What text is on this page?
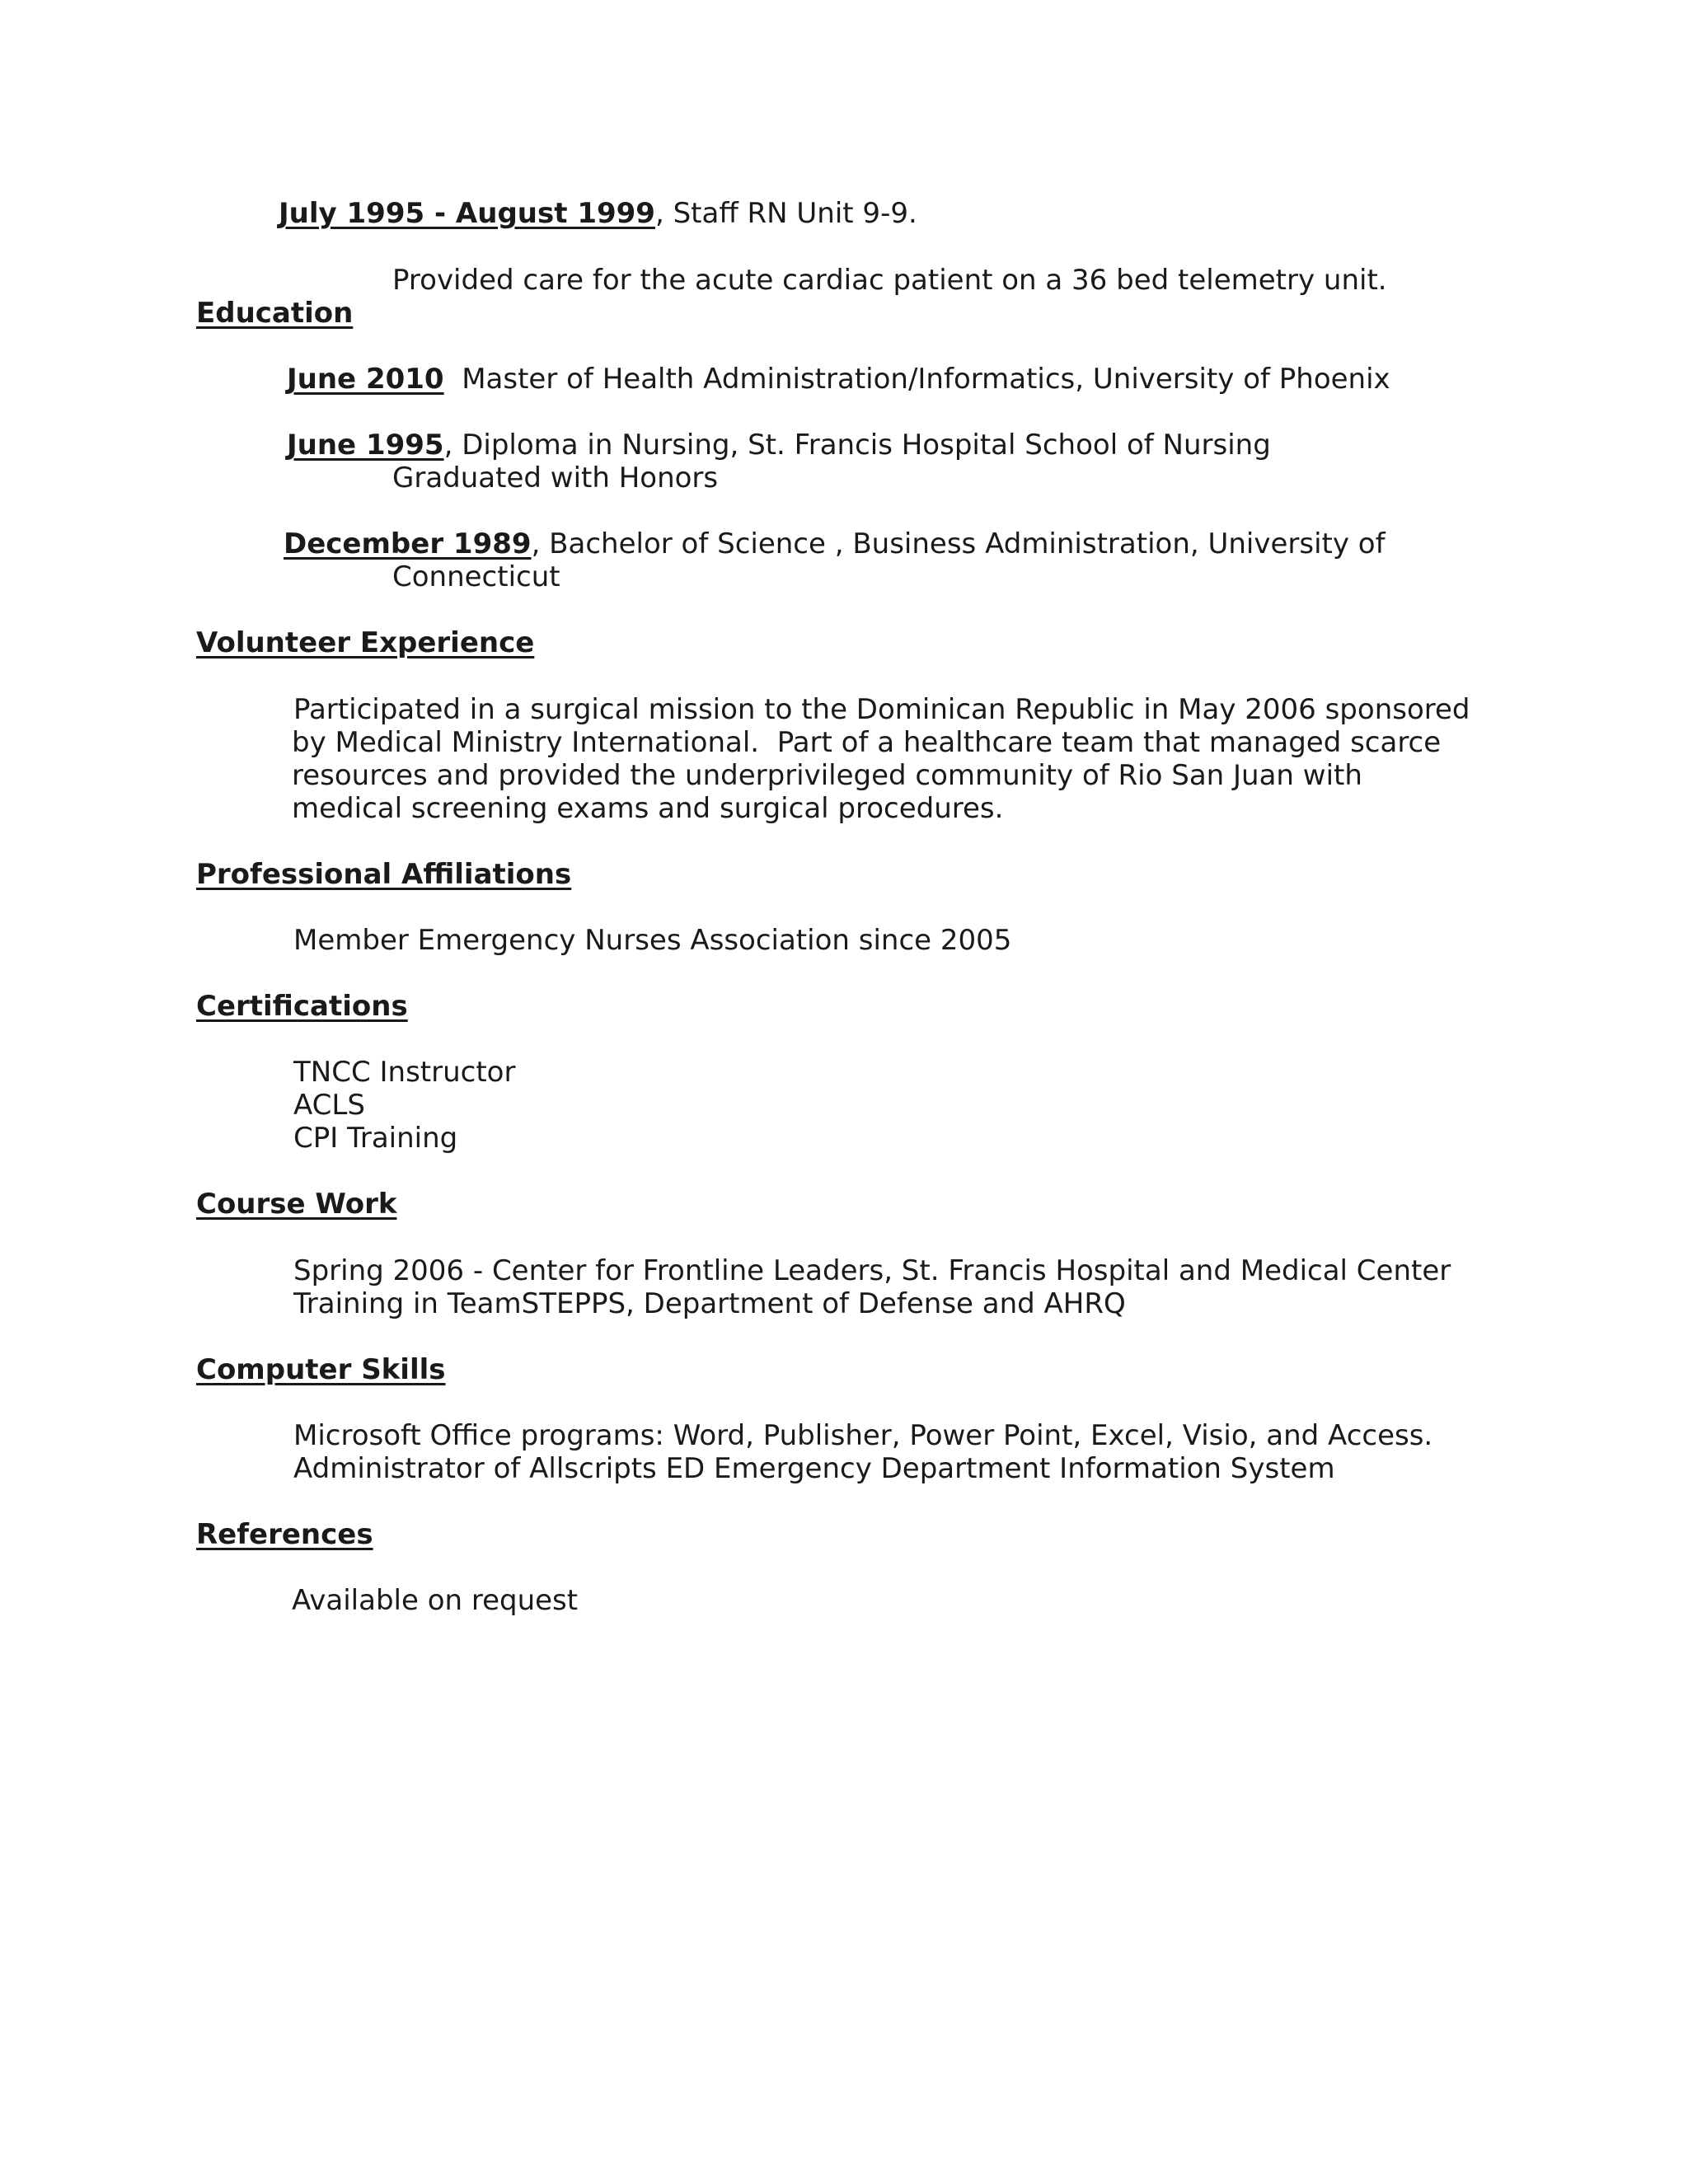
July 1995 - August 1999, Staff RN Unit 9-9.

Provided care for the acute cardiac patient on a 36 bed telemetry unit.

Education

June 2010  Master of Health Administration/Informatics, University of Phoenix

June 1995, Diploma in Nursing, St. Francis Hospital School of Nursing

Graduated with Honors

December 1989, Bachelor of Science , Business Administration, University of

Connecticut

Volunteer Experience

Participated in a surgical mission to the Dominican Republic in May 2006 sponsored

by Medical Ministry International.  Part of a healthcare team that managed scarce

resources and provided the underprivileged community of Rio San Juan with

medical screening exams and surgical procedures.

Professional Affiliations

Member Emergency Nurses Association since 2005

Certifications

TNCC Instructor

ACLS

CPI Training

Course Work

Spring 2006 - Center for Frontline Leaders, St. Francis Hospital and Medical Center

Training in TeamSTEPPS, Department of Defense and AHRQ

Computer Skills

Microsoft Office programs: Word, Publisher, Power Point, Excel, Visio, and Access.

Administrator of Allscripts ED Emergency Department Information System

References

Available on request
